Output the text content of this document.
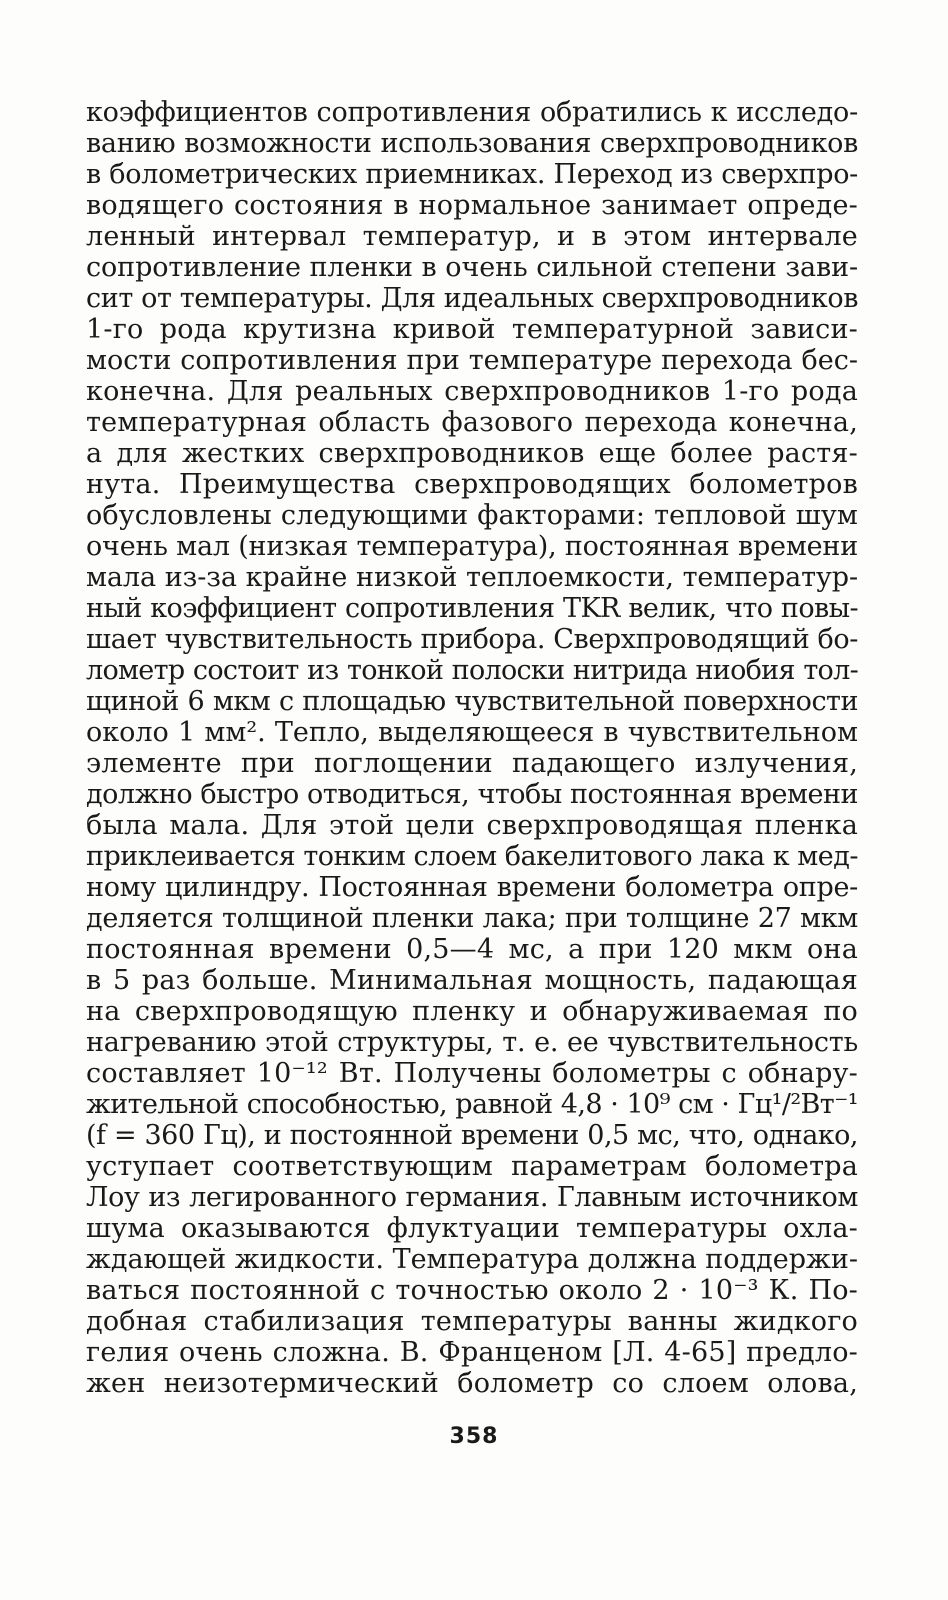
коэффициентов сопротивления обратились к исследо-
ванию возможности использования сверхпроводников
в болометрических приемниках. Переход из сверхпро-
водящего состояния в нормальное занимает опреде-
ленный интервал температур, и в этом интервале
сопротивление пленки в очень сильной степени зави-
сит от температуры. Для идеальных сверхпроводников
1-го рода крутизна кривой температурной зависи-
мости сопротивления при температуре перехода бес-
конечна. Для реальных сверхпроводников 1-го рода
температурная область фазового перехода конечна,
а для жестких сверхпроводников еще более растя-
нута. Преимущества сверхпроводящих болометров
обусловлены следующими факторами: тепловой шум
очень мал (низкая температура), постоянная времени
мала из-за крайне низкой теплоемкости, температур-
ный коэффициент сопротивления TKR велик, что повы-
шает чувствительность прибора. Сверхпроводящий бо-
лометр состоит из тонкой полоски нитрида ниобия тол-
щиной 6 мкм с площадью чувствительной поверхности
около 1 мм². Тепло, выделяющееся в чувствительном
элементе при поглощении падающего излучения,
должно быстро отводиться, чтобы постоянная времени
была мала. Для этой цели сверхпроводящая пленка
приклеивается тонким слоем бакелитового лака к мед-
ному цилиндру. Постоянная времени болометра опре-
деляется толщиной пленки лака; при толщине 27 мкм
постоянная времени 0,5—4 мс, а при 120 мкм она
в 5 раз больше. Минимальная мощность, падающая
на сверхпроводящую пленку и обнаруживаемая по
нагреванию этой структуры, т. е. ее чувствительность
составляет 10⁻¹² Вт. Получены болометры с обнару-
жительной способностью, равной 4,8 · 10⁹ см · Гц¹/²Вт⁻¹
(f = 360 Гц), и постоянной времени 0,5 мс, что, однако,
уступает соответствующим параметрам болометра
Лоу из легированного германия. Главным источником
шума оказываются флуктуации температуры охла-
ждающей жидкости. Температура должна поддержи-
ваться постоянной с точностью около 2 · 10⁻³ К. По-
добная стабилизация температуры ванны жидкого
гелия очень сложна. В. Франценом [Л. 4-65] предло-
жен неизотермический болометр со слоем олова,
358
